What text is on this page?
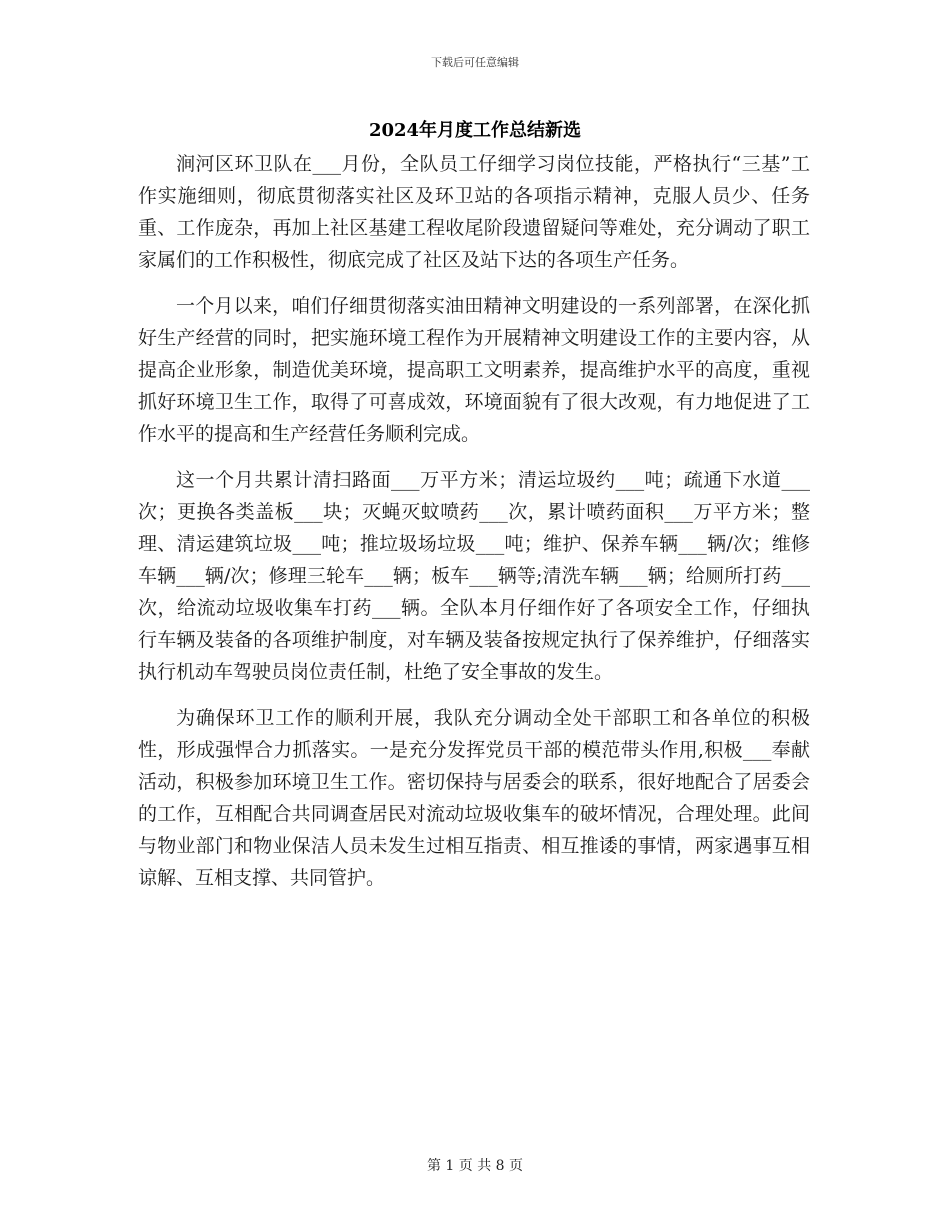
下载后可任意编辑
2024年月度工作总结新选

涧河区环卫队在___月份，全队员工仔细学习岗位技能，严格执行“三基”工作实施细则，彻底贯彻落实社区及环卫站的各项指示精神，克服人员少、任务重、工作庞杂，再加上社区基建工程收尾阶段遗留疑问等难处，充分调动了职工家属们的工作积极性，彻底完成了社区及站下达的各项生产任务。

一个月以来，咱们仔细贯彻落实油田精神文明建设的一系列部署，在深化抓好生产经营的同时，把实施环境工程作为开展精神文明建设工作的主要内容，从提高企业形象，制造优美环境，提高职工文明素养，提高维护水平的高度，重视抓好环境卫生工作，取得了可喜成效，环境面貌有了很大改观，有力地促进了工作水平的提高和生产经营任务顺利完成。

这一个月共累计清扫路面___万平方米；清运垃圾约___吨；疏通下水道___次；更换各类盖板___块；灭蝇灭蚊喷药___次，累计喷药面积___万平方米；整理、清运建筑垃圾___吨；推垃圾场垃圾___吨；维护、保养车辆___辆/次；维修车辆___辆/次；修理三轮车___辆；板车___辆等;清洗车辆___辆；给厕所打药___次，给流动垃圾收集车打药___辆。全队本月仔细作好了各项安全工作，仔细执行车辆及装备的各项维护制度，对车辆及装备按规定执行了保养维护，仔细落实执行机动车驾驶员岗位责任制，杜绝了安全事故的发生。

为确保环卫工作的顺利开展，我队充分调动全处干部职工和各单位的积极性，形成强悍合力抓落实。一是充分发挥党员干部的模范带头作用,积极___奉献活动，积极参加环境卫生工作。密切保持与居委会的联系，很好地配合了居委会的工作，互相配合共同调查居民对流动垃圾收集车的破坏情况，合理处理。此间与物业部门和物业保洁人员未发生过相互指责、相互推诿的事情，两家遇事互相谅解、互相支撑、共同管护。

第 1 页 共 8 页
